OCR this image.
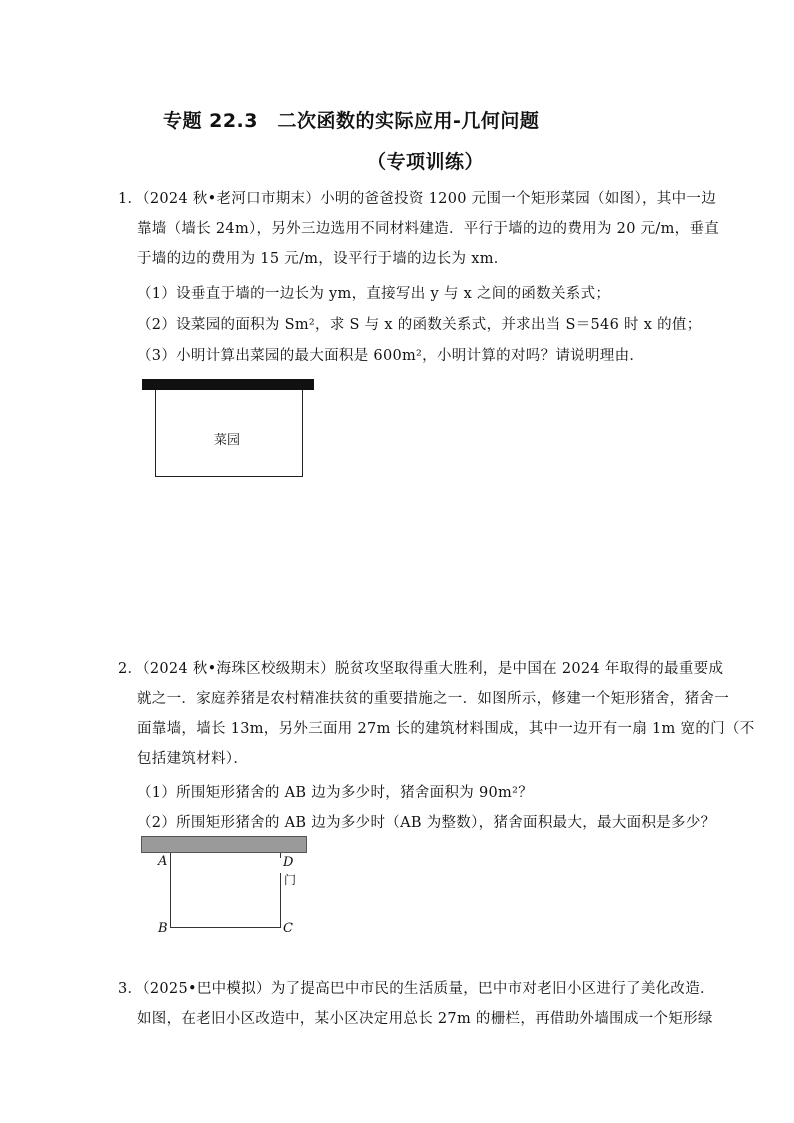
专题 22.3　二次函数的实际应用-几何问题
（专项训练）
1．（2024 秋•老河口市期末）小明的爸爸投资 1200 元围一个矩形菜园（如图），其中一边
靠墙（墙长 24m），另外三边选用不同材料建造．平行于墙的边的费用为 20 元/m，垂直
于墙的边的费用为 15 元/m，设平行于墙的边长为 xm．
（1）设垂直于墙的一边长为 ym，直接写出 y 与 x 之间的函数关系式；
（2）设菜园的面积为 Sm²，求 S 与 x 的函数关系式，并求出当 S＝546 时 x 的值；
（3）小明计算出菜园的最大面积是 600m²，小明计算的对吗？请说明理由．
菜园
2．（2024 秋•海珠区校级期末）脱贫攻坚取得重大胜利，是中国在 2024 年取得的最重要成
就之一．家庭养猪是农村精准扶贫的重要措施之一．如图所示，修建一个矩形猪舍，猪舍一
面靠墙，墙长 13m，另外三面用 27m 长的建筑材料围成，其中一边开有一扇 1m 宽的门（不
包括建筑材料）．
（1）所围矩形猪舍的 AB 边为多少时，猪舍面积为 90m²？
（2）所围矩形猪舍的 AB 边为多少时（AB 为整数），猪舍面积最大，最大面积是多少？
A
B	C
D
门
3．（2025•巴中模拟）为了提高巴中市民的生活质量，巴中市对老旧小区进行了美化改造．
如图，在老旧小区改造中，某小区决定用总长 27m 的栅栏，再借助外墙围成一个矩形绿
